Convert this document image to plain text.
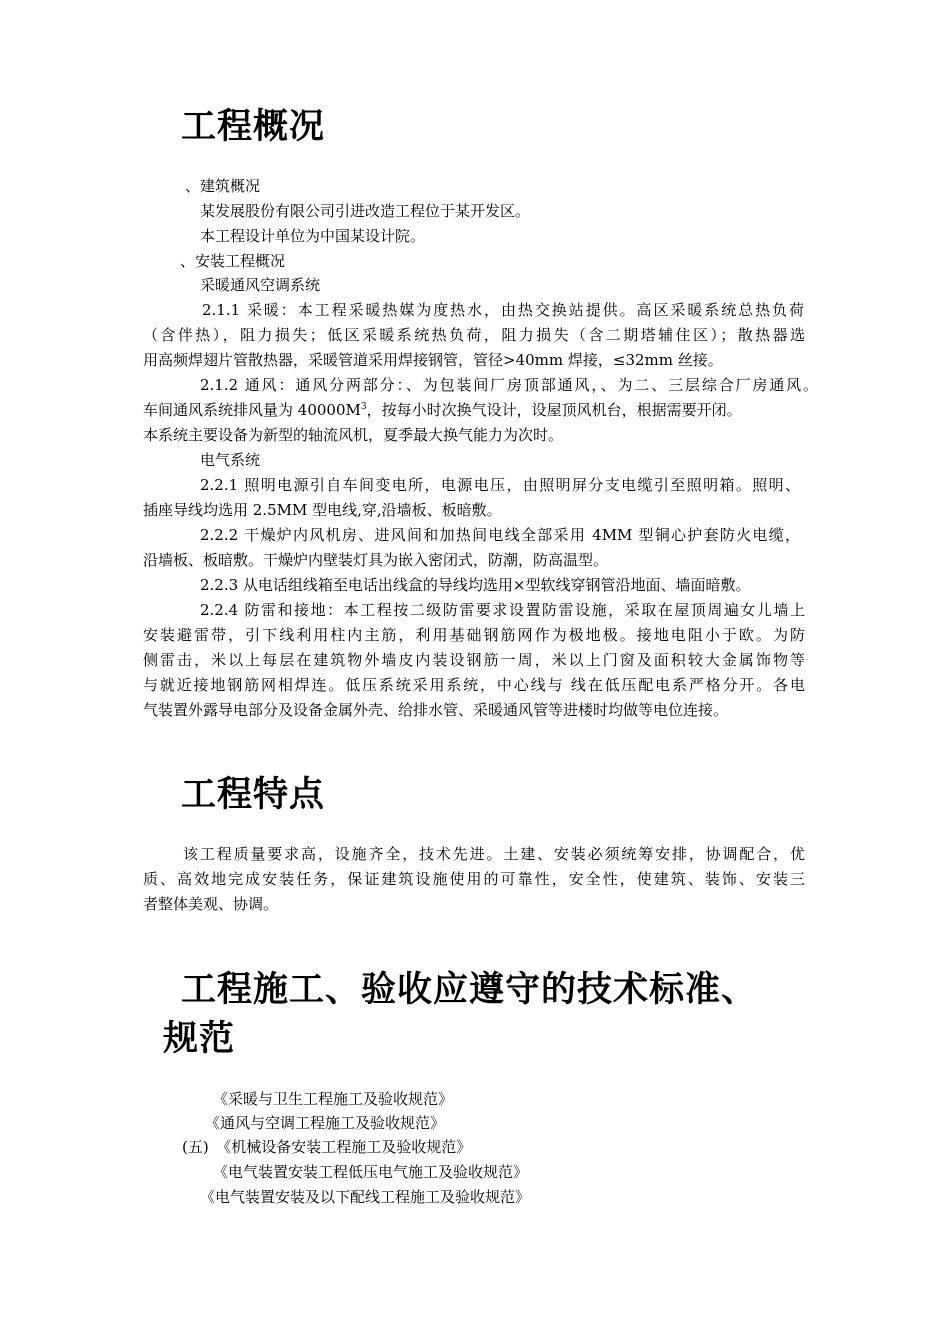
工程概况
、建筑概况
某发展股份有限公司引进改造工程位于某开发区。
本工程设计单位为中国某设计院。
、安装工程概况
采暖通风空调系统
2.1.1 采暖：本工程采暖热媒为度热水，由热交换站提供。高区采暖系统总热负荷
（含伴热），阻力损失；低区采暖系统热负荷，阻力损失（含二期塔辅住区）；散热器选
用高频焊翅片管散热器，采暖管道采用焊接钢管，管径>40mm 焊接，≤32mm 丝接。
2.1.2 通风：通风分两部分：、为包装间厂房顶部通风，、为二、三层综合厂房通风。
车间通风系统排风量为 $40000M^3$，按每小时次换气设计，设屋顶风机台，根据需要开闭。
本系统主要设备为新型的轴流风机，夏季最大换气能力为次时。
电气系统
2.2.1 照明电源引自车间变电所，电源电压，由照明屏分支电缆引至照明箱。照明、
插座导线均选用 2.5MM 型电线,穿,沿墙板、板暗敷。
2.2.2 干燥炉内风机房、进风间和加热间电线全部采用 4MM 型铜心护套防火电缆，
沿墙板、板暗敷。干燥炉内壁装灯具为嵌入密闭式，防潮，防高温型。
2.2.3 从电话组线箱至电话出线盒的导线均选用×型软线穿钢管沿地面、墙面暗敷。
2.2.4 防雷和接地：本工程按二级防雷要求设置防雷设施，采取在屋顶周遍女儿墙上
安装避雷带，引下线利用柱内主筋，利用基础钢筋网作为极地极。接地电阻小于欧。为防
侧雷击，米以上每层在建筑物外墙皮内装设钢筋一周，米以上门窗及面积较大金属饰物等
与就近接地钢筋网相焊连。低压系统采用系统，中心线与 线在低压配电系严格分开。各电
气装置外露导电部分及设备金属外壳、给排水管、采暖通风管等进楼时均做等电位连接。
工程特点
该工程质量要求高，设施齐全，技术先进。土建、安装必须统筹安排，协调配合，优
质、高效地完成安装任务，保证建筑设施使用的可靠性，安全性，使建筑、装饰、安装三
者整体美观、协调。
工程施工、验收应遵守的技术标准、
规范
《采暖与卫生工程施工及验收规范》
《通风与空调工程施工及验收规范》
(五)　《机械设备安装工程施工及验收规范》
《电气装置安装工程低压电气施工及验收规范》
《电气装置安装及以下配线工程施工及验收规范》
